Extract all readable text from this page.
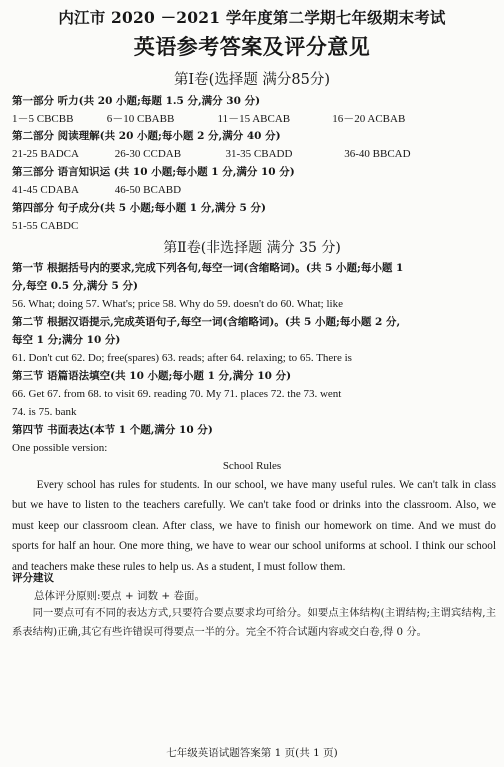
内江市 2020 －2021 学年度第二学期七年级期末考试
英语参考答案及评分意见
第Ⅰ卷(选择题 满分85分)
第一部分 听力(共 20 小题;每题 1.5 分,满分 30 分)
1－5 CBCBB	6－10 CBABB	11－15 ABCAB	16－20 ACBAB
第二部分 阅读理解(共 20 小题;每小题 2 分,满分 40 分)
21-25 BADCA	26-30 CCDAB	31-35 CBADD	36-40 BBCAD
第三部分 语言知识运 (共 10 小题;每小题 1 分,满分 10 分)
41-45 CDABA	46-50 BCABD
第四部分 句子成分(共 5 小题;每小题 1 分,满分 5 分)
51-55 CABDC
第Ⅱ卷(非选择题 满分 35 分)
第一节 根据括号内的要求,完成下列各句,每空一词(含缩略词)。(共 5 小题;每小题 1
分,每空 0.5 分,满分 5 分)
56. What; doing 57. What's; price 58. Why do 59. doesn't do 60. What; like
第二节 根据汉语提示,完成英语句子,每空一词(含缩略词)。(共 5 小题;每小题 2 分,
每空 1 分;满分 10 分)
61. Don't cut 62. Do; free(spares) 63. reads; after 64. relaxing; to 65. There is
第三节 语篇语法填空(共 10 小题;每小题 1 分,满分 10 分)
66. Get 67. from 68. to visit 69. reading 70. My 71. places 72. the 73. went
74. is 75. bank
第四节 书面表达(本节 1 个题,满分 10 分)
One possible version:
School Rules
Every school has rules for students. In our school, we have many useful rules. We can't talk in class but we have to listen to the teachers carefully. We can't take food or drinks into the classroom. Also, we must keep our classroom clean. After class, we have to finish our homework on time. And we must do sports for half an hour. One more thing, we have to wear our school uniforms at school. I think our school and teachers make these rules to help us. As a student, I must follow them.
评分建议
总体评分原则:要点 + 词数 + 卷面。
同一要点可有不同的表达方式,只要符合要点要求均可给分。如要点主体结构(主谓结构;主谓宾结构,主系表结构)正确,其它有些许错误可得要点一半的分。完全不符合试题内容或交白卷,得 0 分。
七年级英语试题答案第 1 页(共 1 页)
